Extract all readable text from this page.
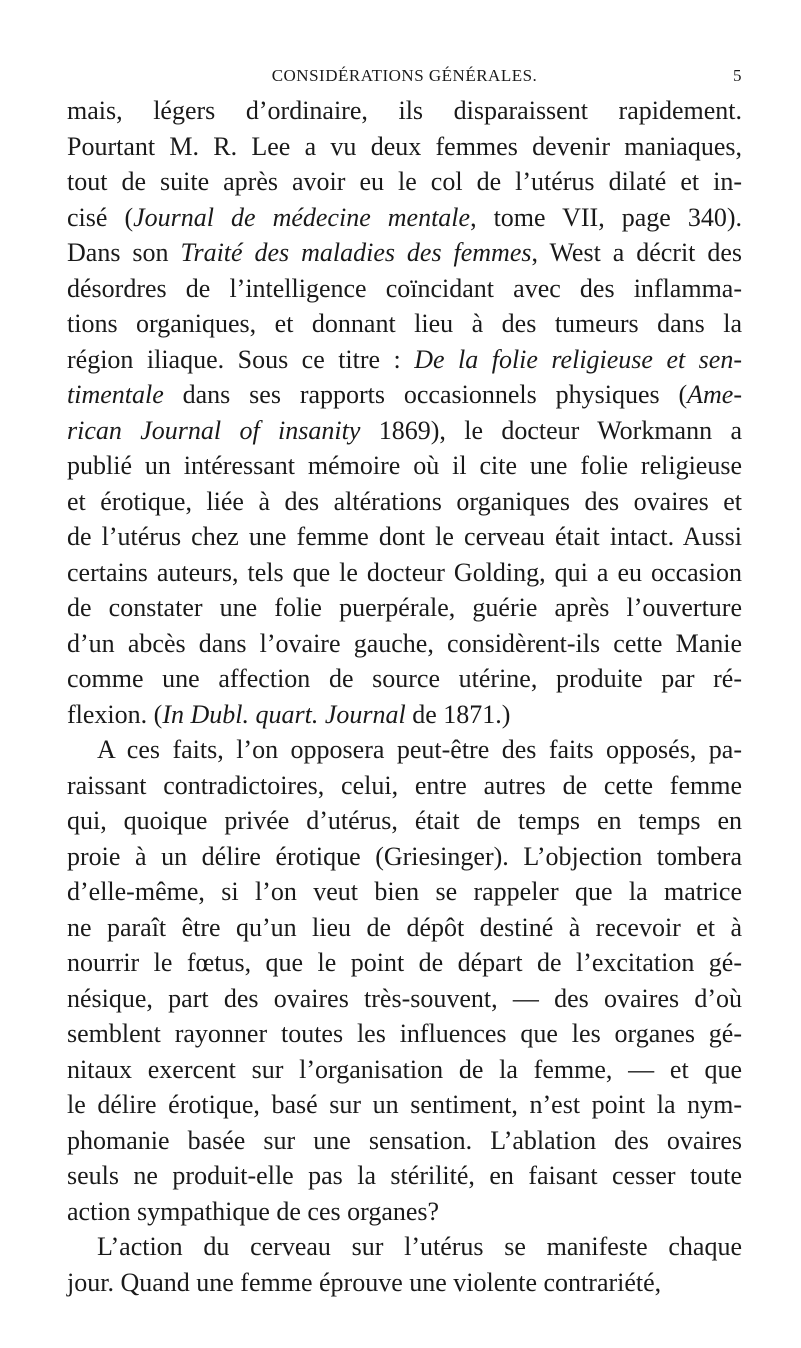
CONSIDÉRATIONS GÉNÉRALES.	5
mais, légers d’ordinaire, ils disparaissent rapidement.
Pourtant M. R. Lee a vu deux femmes devenir maniaques,
tout de suite après avoir eu le col de l’utérus dilaté et in-
cisé (Journal de médecine mentale, tome VII, page 340).
Dans son Traité des maladies des femmes, West a décrit des
désordres de l’intelligence coïncidant avec des inflamma-
tions organiques, et donnant lieu à des tumeurs dans la
région iliaque. Sous ce titre : De la folie religieuse et sen-
timentale dans ses rapports occasionnels physiques (Ame-
rican Journal of insanity 1869), le docteur Workmann a
publié un intéressant mémoire où il cite une folie religieuse
et érotique, liée à des altérations organiques des ovaires et
de l’utérus chez une femme dont le cerveau était intact. Aussi
certains auteurs, tels que le docteur Golding, qui a eu occasion
de constater une folie puerpérale, guérie après l’ouverture
d’un abcès dans l’ovaire gauche, considèrent-ils cette Manie
comme une affection de source utérine, produite par ré-
flexion. (In Dubl. quart. Journal de 1871.)
A ces faits, l’on opposera peut-être des faits opposés, pa-
raissant contradictoires, celui, entre autres de cette femme
qui, quoique privée d’utérus, était de temps en temps en
proie à un délire érotique (Griesinger). L’objection tombera
d’elle-même, si l’on veut bien se rappeler que la matrice
ne paraît être qu’un lieu de dépôt destiné à recevoir et à
nourrir le fœtus, que le point de départ de l’excitation gé-
nésique, part des ovaires très-souvent, — des ovaires d’où
semblent rayonner toutes les influences que les organes gé-
nitaux exercent sur l’organisation de la femme, — et que
le délire érotique, basé sur un sentiment, n’est point la nym-
phomanie basée sur une sensation. L’ablation des ovaires
seuls ne produit-elle pas la stérilité, en faisant cesser toute
action sympathique de ces organes?
L’action du cerveau sur l’utérus se manifeste chaque
jour. Quand une femme éprouve une violente contrariété,
